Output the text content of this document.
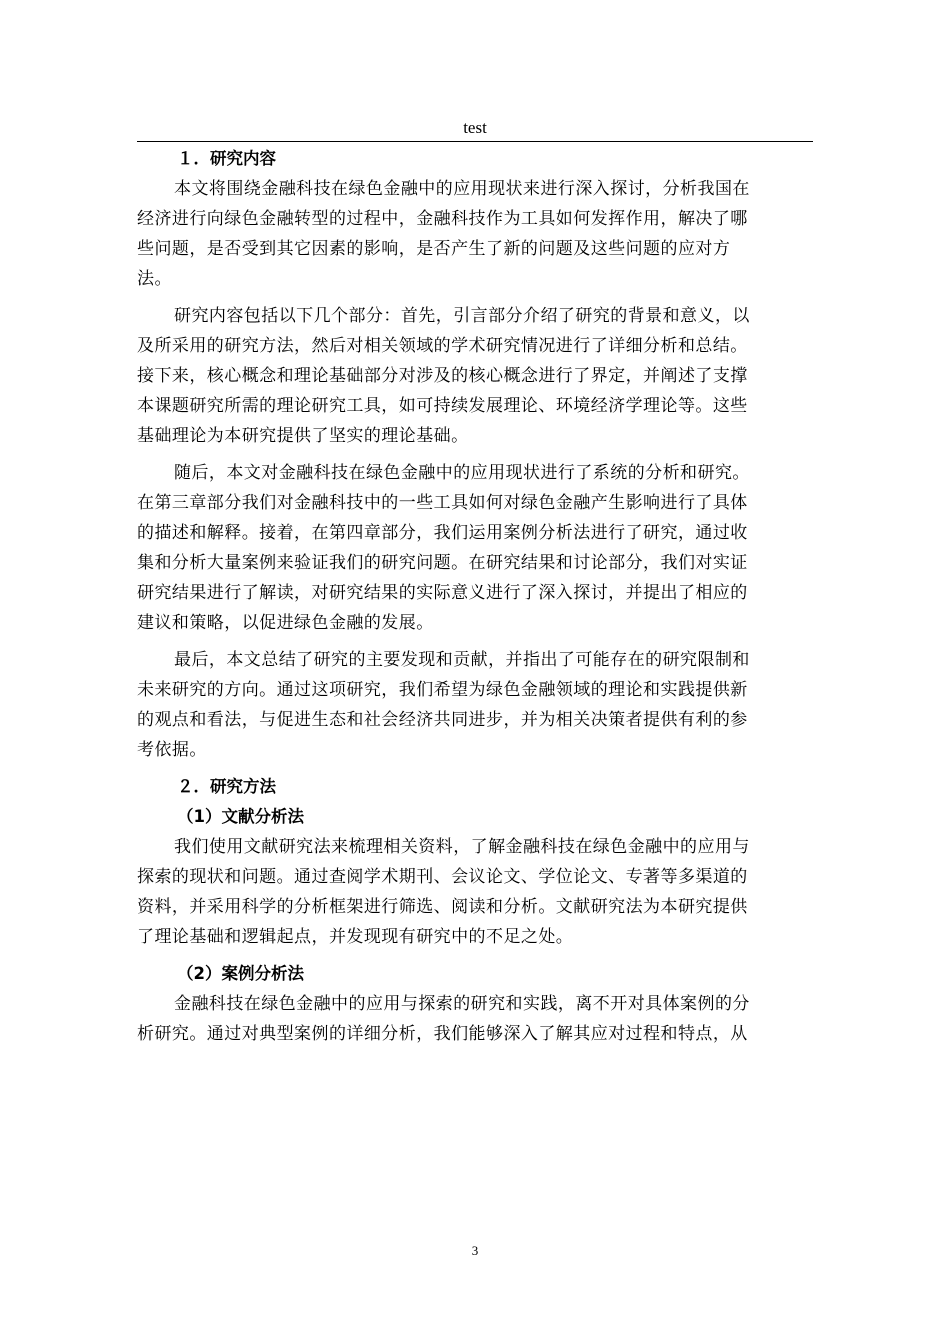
test
１．研究内容
本文将围绕金融科技在绿色金融中的应用现状来进行深入探讨，分析我国在
经济进行向绿色金融转型的过程中，金融科技作为工具如何发挥作用，解决了哪
些问题，是否受到其它因素的影响，是否产生了新的问题及这些问题的应对方
法。
研究内容包括以下几个部分：首先，引言部分介绍了研究的背景和意义，以
及所采用的研究方法，然后对相关领域的学术研究情况进行了详细分析和总结。
接下来，核心概念和理论基础部分对涉及的核心概念进行了界定，并阐述了支撑
本课题研究所需的理论研究工具，如可持续发展理论、环境经济学理论等。这些
基础理论为本研究提供了坚实的理论基础。
随后，本文对金融科技在绿色金融中的应用现状进行了系统的分析和研究。
在第三章部分我们对金融科技中的一些工具如何对绿色金融产生影响进行了具体
的描述和解释。接着，在第四章部分，我们运用案例分析法进行了研究，通过收
集和分析大量案例来验证我们的研究问题。在研究结果和讨论部分，我们对实证
研究结果进行了解读，对研究结果的实际意义进行了深入探讨，并提出了相应的
建议和策略，以促进绿色金融的发展。
最后，本文总结了研究的主要发现和贡献，并指出了可能存在的研究限制和
未来研究的方向。通过这项研究，我们希望为绿色金融领域的理论和实践提供新
的观点和看法，与促进生态和社会经济共同进步，并为相关决策者提供有利的参
考依据。
２．研究方法
（1）文献分析法
我们使用文献研究法来梳理相关资料，了解金融科技在绿色金融中的应用与
探索的现状和问题。通过查阅学术期刊、会议论文、学位论文、专著等多渠道的
资料，并采用科学的分析框架进行筛选、阅读和分析。文献研究法为本研究提供
了理论基础和逻辑起点，并发现现有研究中的不足之处。
（2）案例分析法
金融科技在绿色金融中的应用与探索的研究和实践，离不开对具体案例的分
析研究。通过对典型案例的详细分析，我们能够深入了解其应对过程和特点，从
3
